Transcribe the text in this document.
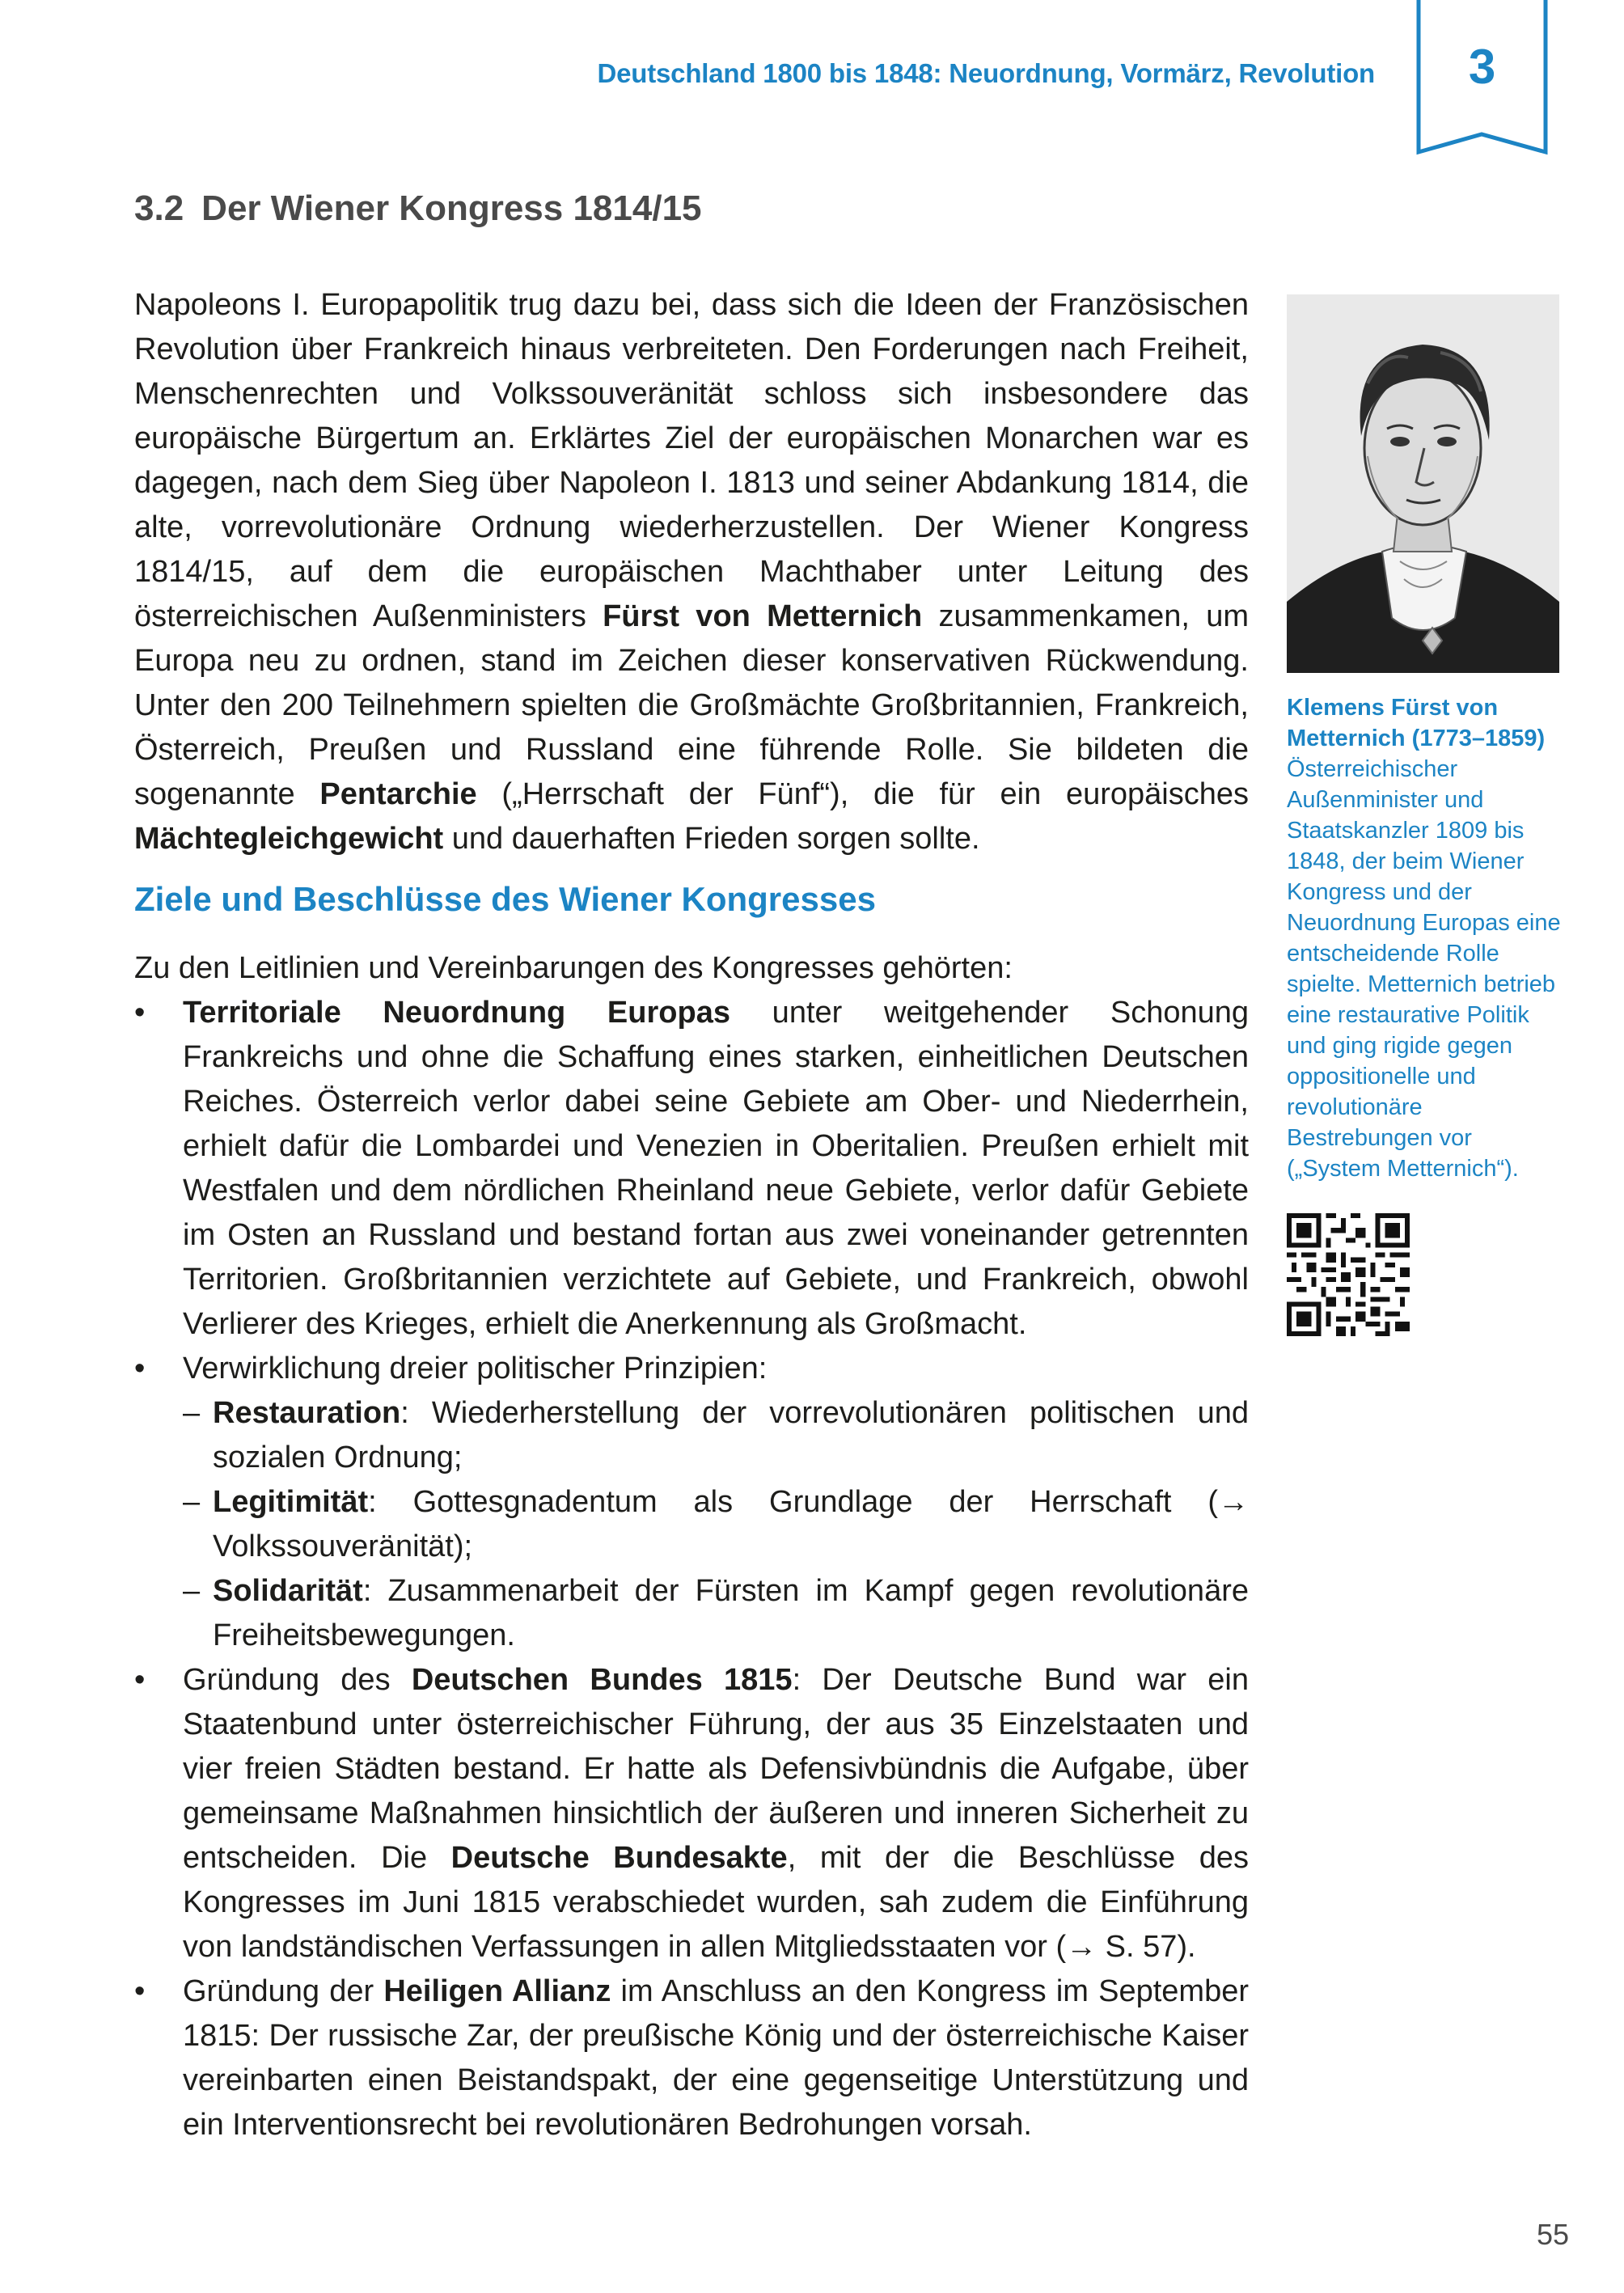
Deutschland 1800 bis 1848: Neuordnung, Vormärz, Revolution	3
3.2 Der Wiener Kongress 1814/15
Napoleons I. Europapolitik trug dazu bei, dass sich die Ideen der Französischen Revolution über Frankreich hinaus verbreiteten. Den Forderungen nach Freiheit, Menschenrechten und Volkssouveränität schloss sich insbesondere das europäische Bürgertum an. Erklärtes Ziel der europäischen Monarchen war es dagegen, nach dem Sieg über Napoleon I. 1813 und seiner Abdankung 1814, die alte, vorrevolutionäre Ordnung wiederherzustellen. Der Wiener Kongress 1814/15, auf dem die europäischen Machthaber unter Leitung des österreichischen Außenministers Fürst von Metternich zusammenkamen, um Europa neu zu ordnen, stand im Zeichen dieser konservativen Rückwendung. Unter den 200 Teilnehmern spielten die Großmächte Großbritannien, Frankreich, Österreich, Preußen und Russland eine führende Rolle. Sie bildeten die sogenannte Pentarchie („Herrschaft der Fünf“), die für ein europäisches Mächtegleichgewicht und dauerhaften Frieden sorgen sollte.
Ziele und Beschlüsse des Wiener Kongresses
Zu den Leitlinien und Vereinbarungen des Kongresses gehörten:
• Territoriale Neuordnung Europas unter weitgehender Schonung Frankreichs und ohne die Schaffung eines starken, einheitlichen Deutschen Reiches. Österreich verlor dabei seine Gebiete am Ober- und Niederrhein, erhielt dafür die Lombardei und Venezien in Oberitalien. Preußen erhielt mit Westfalen und dem nördlichen Rheinland neue Gebiete, verlor dafür Gebiete im Osten an Russland und bestand fortan aus zwei voneinander getrennten Territorien. Großbritannien verzichtete auf Gebiete, und Frankreich, obwohl Verlierer des Krieges, erhielt die Anerkennung als Großmacht.
• Verwirklichung dreier politischer Prinzipien:
– Restauration: Wiederherstellung der vorrevolutionären politischen und sozialen Ordnung;
– Legitimität: Gottesgnadentum als Grundlage der Herrschaft (→ Volkssouveränität);
– Solidarität: Zusammenarbeit der Fürsten im Kampf gegen revolutionäre Freiheitsbewegungen.
• Gründung des Deutschen Bundes 1815: Der Deutsche Bund war ein Staatenbund unter österreichischer Führung, der aus 35 Einzelstaaten und vier freien Städten bestand. Er hatte als Defensivbündnis die Aufgabe, über gemeinsame Maßnahmen hinsichtlich der äußeren und inneren Sicherheit zu entscheiden. Die Deutsche Bundesakte, mit der die Beschlüsse des Kongresses im Juni 1815 verabschiedet wurden, sah zudem die Einführung von landständischen Verfassungen in allen Mitgliedsstaaten vor (→ S. 57).
• Gründung der Heiligen Allianz im Anschluss an den Kongress im September 1815: Der russische Zar, der preußische König und der österreichische Kaiser vereinbarten einen Beistandspakt, der eine gegenseitige Unterstützung und ein Interventionsrecht bei revolutionären Bedrohungen vorsah.
Klemens Fürst von Metternich (1773–1859)
Österreichischer Außenminister und Staatskanzler 1809 bis 1848, der beim Wiener Kongress und der Neuordnung Europas eine entscheidende Rolle spielte. Metternich betrieb eine restaurative Politik und ging rigide gegen oppositionelle und revolutionäre Bestrebungen vor („System Metternich“).
55
